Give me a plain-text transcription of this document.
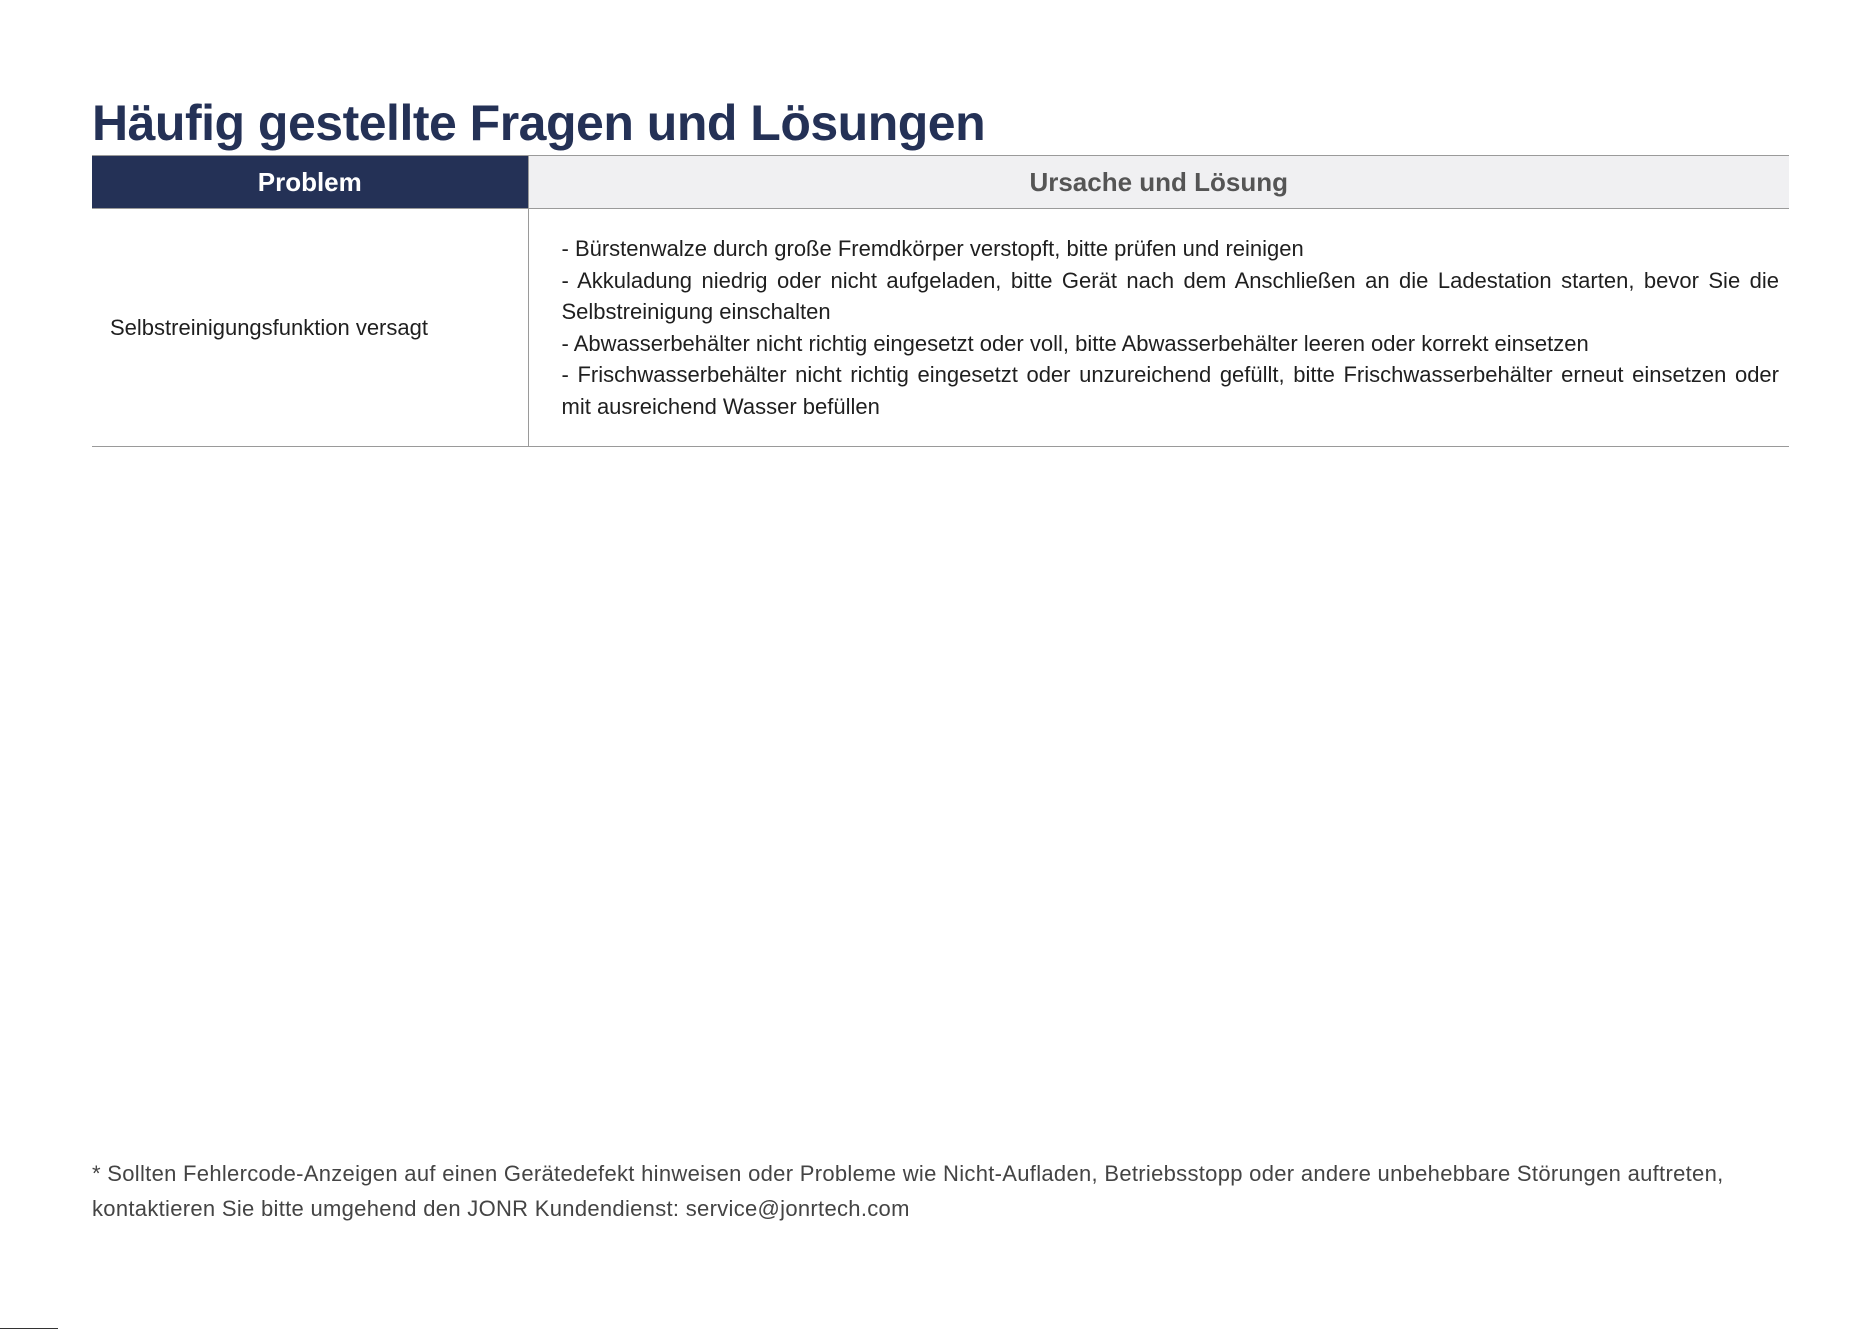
Häufig gestellte Fragen und Lösungen
Problem	Ursache und Lösung
Selbstreinigungsfunktion versagt	- Bürstenwalze durch große Fremdkörper verstopft, bitte prüfen und reinigen

- Akkuladung niedrig oder nicht aufgeladen, bitte Gerät nach dem Anschließen an die Ladestation starten, bevor Sie die Selbstreinigung einschalten

- Abwasserbehälter nicht richtig eingesetzt oder voll, bitte Abwasserbehälter leeren oder korrekt einsetzen

- Frischwasserbehälter nicht richtig eingesetzt oder unzureichend gefüllt, bitte Frischwasserbehälter erneut einsetzen oder mit ausreichend Wasser befüllen

* Sollten Fehlercode-Anzeigen auf einen Gerätedefekt hinweisen oder Probleme wie Nicht-Aufladen, Betriebsstopp oder andere unbehebbare Störungen auftreten, kontaktieren Sie bitte umgehend den JONR Kundendienst: service@jonrtech.com
